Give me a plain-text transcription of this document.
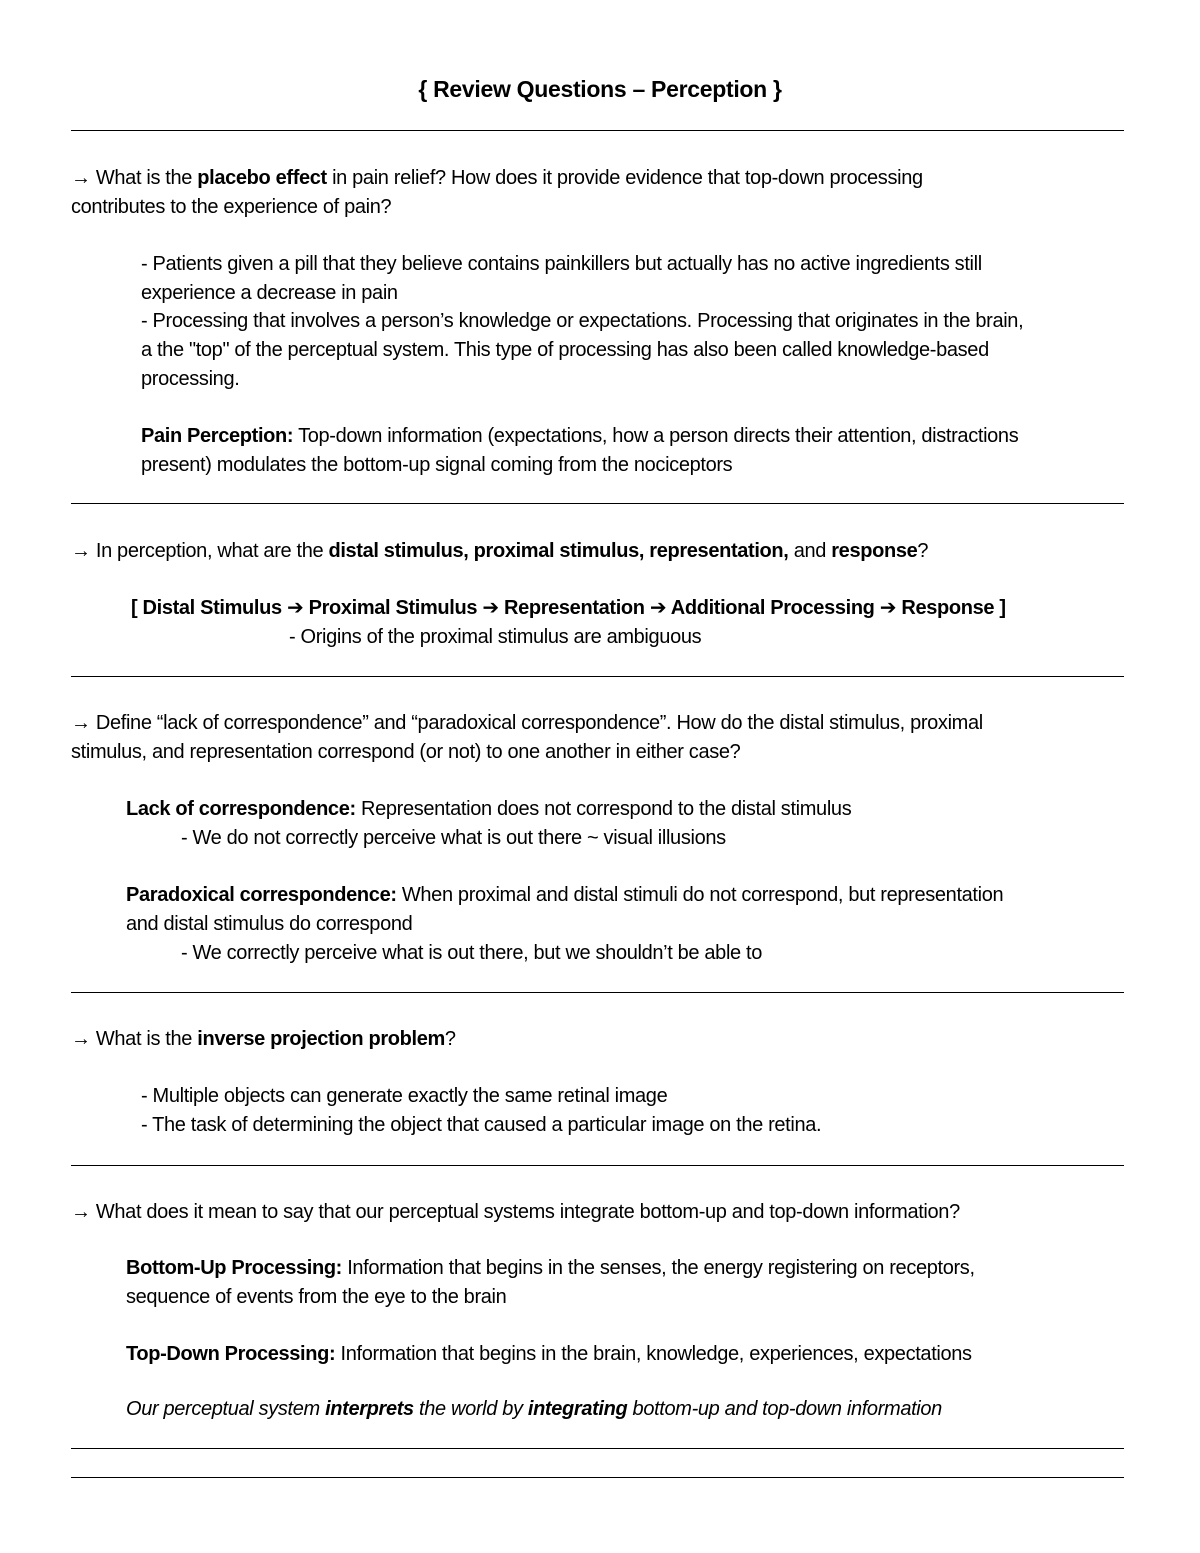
{ Review Questions – Perception }
→ What is the placebo effect in pain relief? How does it provide evidence that top-down processing
contributes to the experience of pain?
- Patients given a pill that they believe contains painkillers but actually has no active ingredients still
experience a decrease in pain
- Processing that involves a person’s knowledge or expectations. Processing that originates in the brain,
a the "top" of the perceptual system. This type of processing has also been called knowledge-based
processing.
Pain Perception: Top-down information (expectations, how a person directs their attention, distractions
present) modulates the bottom-up signal coming from the nociceptors
→ In perception, what are the distal stimulus, proximal stimulus, representation, and response?
[ Distal Stimulus ➔ Proximal Stimulus ➔ Representation ➔ Additional Processing ➔ Response ]
- Origins of the proximal stimulus are ambiguous
→ Define “lack of correspondence” and “paradoxical correspondence”. How do the distal stimulus, proximal
stimulus, and representation correspond (or not) to one another in either case?
Lack of correspondence: Representation does not correspond to the distal stimulus
- We do not correctly perceive what is out there ~ visual illusions
Paradoxical correspondence: When proximal and distal stimuli do not correspond, but representation
and distal stimulus do correspond
- We correctly perceive what is out there, but we shouldn’t be able to
→ What is the inverse projection problem?
- Multiple objects can generate exactly the same retinal image
- The task of determining the object that caused a particular image on the retina.
→ What does it mean to say that our perceptual systems integrate bottom-up and top-down information?
Bottom-Up Processing: Information that begins in the senses, the energy registering on receptors,
sequence of events from the eye to the brain
Top-Down Processing: Information that begins in the brain, knowledge, experiences, expectations
Our perceptual system interprets the world by integrating bottom-up and top-down information
